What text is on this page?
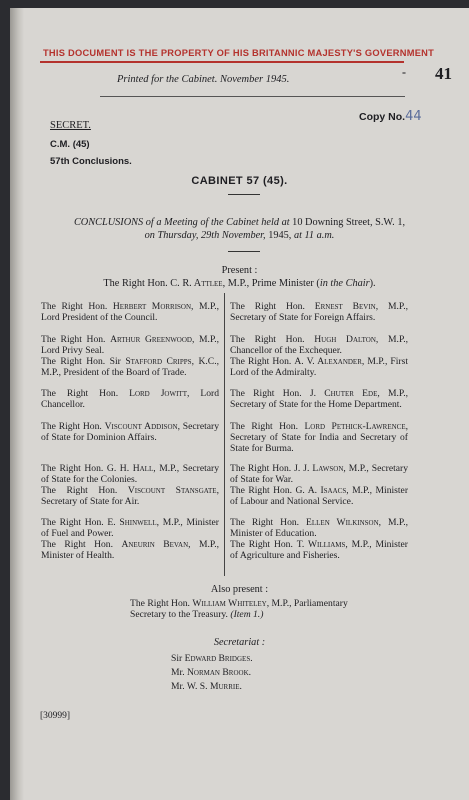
THIS DOCUMENT IS THE PROPERTY OF HIS BRITANNIC MAJESTY'S GOVERNMENT
Printed for the Cabinet. November 1945.
- 41
SECRET.
Copy No.44
C.M. (45)
57th Conclusions.
CABINET 57 (45).
CONCLUSIONS of a Meeting of the Cabinet held at 10 Downing Street, S.W. 1,
on Thursday, 29th November, 1945, at 11 a.m.
Present :
The Right Hon. C. R. Attlee, M.P., Prime Minister (in the Chair).
The Right Hon. Herbert Morrison, M.P., Lord President of the Council.
The Right Hon. Arthur Greenwood, M.P., Lord Privy Seal.
The Right Hon. Sir Stafford Cripps, K.C., M.P., President of the Board of Trade.
The Right Hon. Lord Jowitt, Lord Chancellor.
The Right Hon. Viscount Addison, Secretary of State for Dominion Affairs.
The Right Hon. G. H. Hall, M.P., Secretary of State for the Colonies.
The Right Hon. Viscount Stansgate, Secretary of State for Air.
The Right Hon. E. Shinwell, M.P., Minister of Fuel and Power.
The Right Hon. Aneurin Bevan, M.P., Minister of Health.
The Right Hon. Ernest Bevin, M.P., Secretary of State for Foreign Affairs.
The Right Hon. Hugh Dalton, M.P., Chancellor of the Exchequer.
The Right Hon. A. V. Alexander, M.P., First Lord of the Admiralty.
The Right Hon. J. Chuter Ede, M.P., Secretary of State for the Home Department.
The Right Hon. Lord Pethick-Lawrence, Secretary of State for India and Secretary of State for Burma.
The Right Hon. J. J. Lawson, M.P., Secretary of State for War.
The Right Hon. G. A. Isaacs, M.P., Minister of Labour and National Service.
The Right Hon. Ellen Wilkinson, M.P., Minister of Education.
The Right Hon. T. Williams, M.P., Minister of Agriculture and Fisheries.
Also present :
The Right Hon. William Whiteley, M.P., Parliamentary Secretary to the Treasury. (Item 1.)
Secretariat :
Sir Edward Bridges.
Mr. Norman Brook.
Mr. W. S. Murrie.
[30999]
